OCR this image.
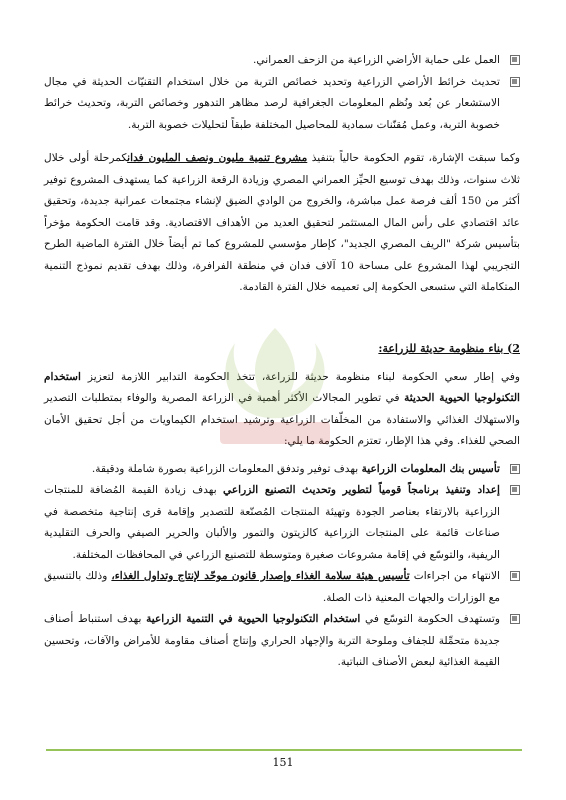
العمل على حماية الأراضي الزراعية من الزحف العمراني.
تحديث خرائط الأراضي الزراعية وتحديد خصائص التربة من خلال استخدام التقنيّات الحديثة في مجال الاستشعار عن بُعد ونُظم المعلومات الجغرافية لرصد مظاهر التدهور وخصائص التربة، وتحديث خرائط خصوبة التربة، وعمل مُقنّنات سمادية للمحاصيل المختلفة طبقاً لتحليلات خصوبة التربة.

وكما سبقت الإشارة، تقوم الحكومة حالياً بتنفيذ مشروع تنمية مليون ونصف المليون فدانكمرحلة أولى خلال ثلاث سنوات، وذلك بهدف توسيع الحيِّز العمراني المصري وزيادة الرقعة الزراعية كما يستهدف المشروع توفير أكثر من 150 ألف فرصة عمل مباشرة، والخروج من الوادي الضيق لإنشاء مجتمعات عمرانية جديدة، وتحقيق عائد اقتصادي على رأس المال المستثمر لتحقيق العديد من الأهداف الاقتصادية. وقد قامت الحكومة مؤخراً بتأسيس شركة "الريف المصري الجديد"، كإطار مؤسسي للمشروع كما تم أيضاً خلال الفترة الماضية الطرح التجريبي لهذا المشروع على مساحة 10 آلاف فدان في منطقة الفرافرة، وذلك بهدف تقديم نموذج التنمية المتكاملة التي ستسعى الحكومة إلى تعميمه خلال الفترة القادمة.

2) بناء منظومة حديثة للزراعة:

وفي إطار سعي الحكومة لبناء منظومة حديثة للزراعة، تتخذ الحكومة التدابير اللازمة لتعزيز استخدام التكنولوجيا الحيوية الحديثة في تطوير المجالات الأكثر أهمية في الزراعة المصرية والوفاء بمتطلبات التصدير والاستهلاك الغذائي والاستفادة من المخلّفات الزراعية وترشيد استخدام الكيماويات من أجل تحقيق الأمان الصحي للغذاء. وفي هذا الإطار، تعتزم الحكومة ما يلي:

تأسيس بنك المعلومات الزراعية بهدف توفير وتدفق المعلومات الزراعية بصورة شاملة ودقيقة.
إعداد وتنفيذ برنامجاً قومياً لتطوير وتحديث التصنيع الزراعي بهدف زيادة القيمة المُضافة للمنتجات الزراعية بالارتقاء بعناصر الجودة وتهيئة المنتجات المُصنّعة للتصدير وإقامة قرى إنتاجية متخصصة في صناعات قائمة على المنتجات الزراعية كالزيتون والتمور والألبان والحرير الصيفي والحرف التقليدية الريفية، والتوسّع في إقامة مشروعات صغيرة ومتوسطة للتصنيع الزراعي في المحافظات المختلفة.
الانتهاء من اجراءات تأسيس هيئة سلامة الغذاء وإصدار قانون موحّد لإنتاج وتداول الغذاء، وذلك بالتنسيق مع الوزارات والجهات المعنية ذات الصلة.
وتستهدف الحكومة التوسّع في استخدام التكنولوجيا الحيوية في التنمية الزراعية بهدف استنباط أصناف جديدة متحمِّلة للجفاف وملوحة التربة والإجهاد الحراري وإنتاج أصناف مقاومة للأمراض والآفات، وتحسين القيمة الغذائية لبعض الأصناف النباتية.
151
